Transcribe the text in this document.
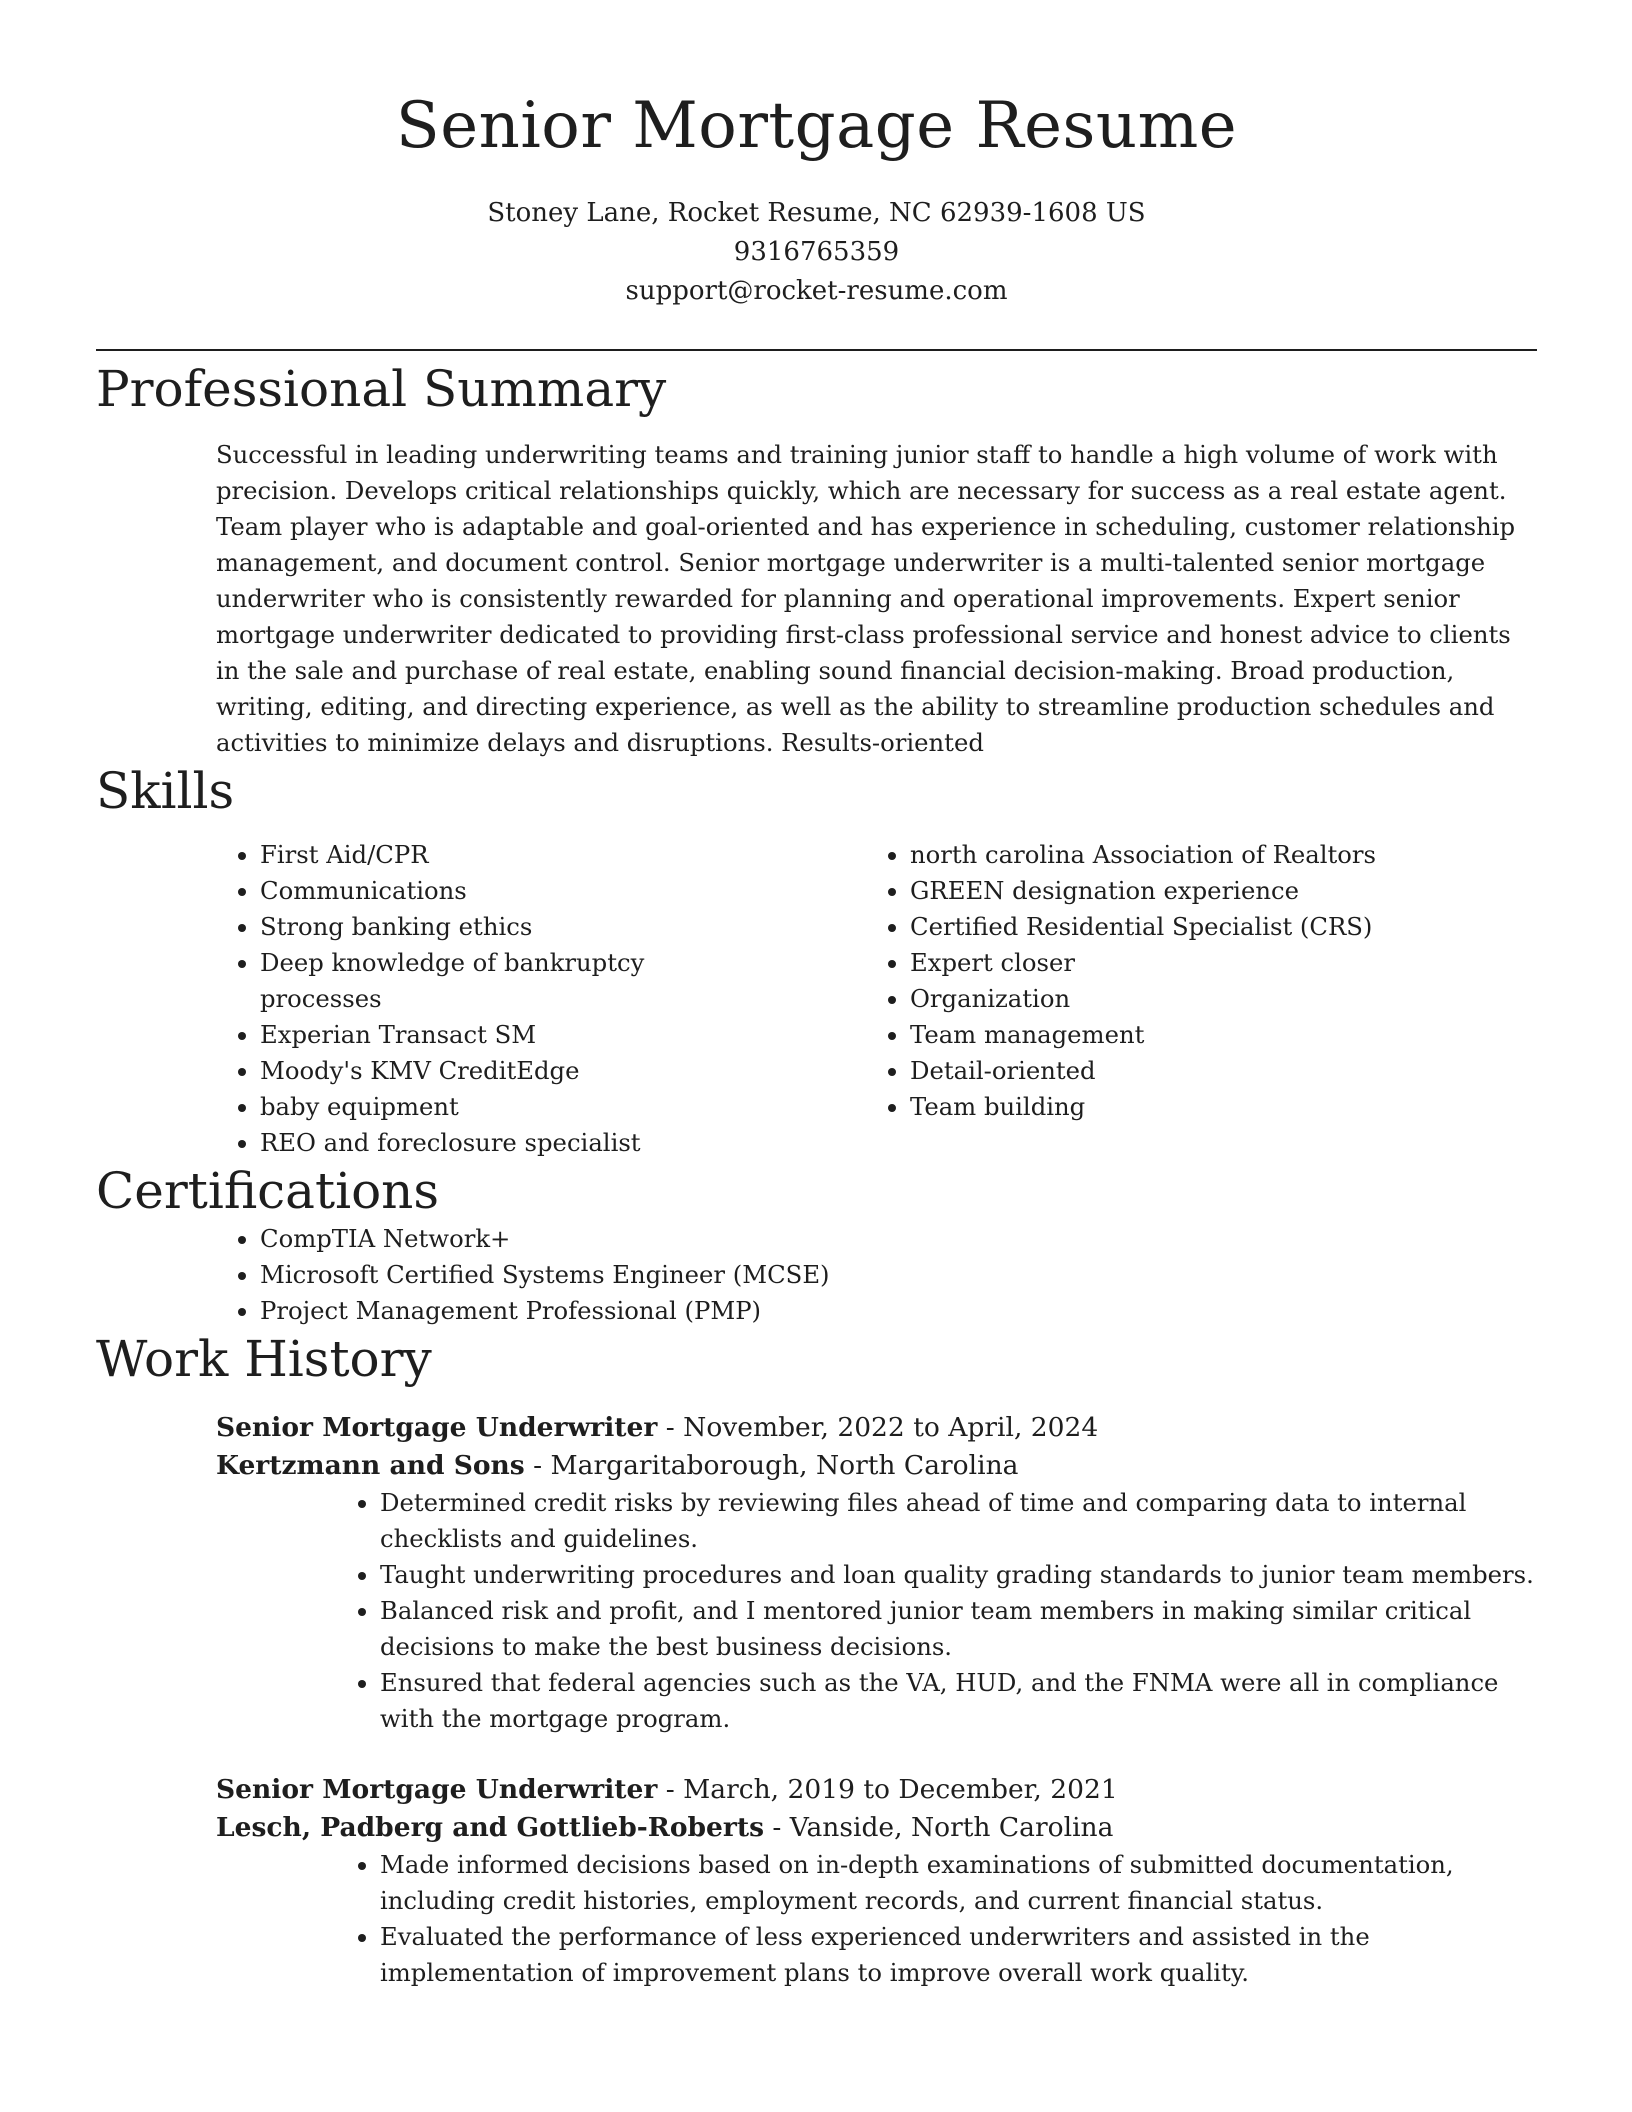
Senior Mortgage Resume
Stoney Lane, Rocket Resume, NC 62939-1608 US
9316765359
support@rocket-resume.com
Professional Summary

Successful in leading underwriting teams and training junior staff to handle a high volume of work with precision. Develops critical relationships quickly, which are necessary for success as a real estate agent. Team player who is adaptable and goal-oriented and has experience in scheduling, customer relationship management, and document control. Senior mortgage underwriter is a multi-talented senior mortgage underwriter who is consistently rewarded for planning and operational improvements. Expert senior mortgage underwriter dedicated to providing first-class professional service and honest advice to clients in the sale and purchase of real estate, enabling sound financial decision-making. Broad production, writing, editing, and directing experience, as well as the ability to streamline production schedules and activities to minimize delays and disruptions. Results-oriented

Skills
• First Aid/CPR
• Communications
• Strong banking ethics
• Deep knowledge of bankruptcy processes
• Experian Transact SM
• Moody's KMV CreditEdge
• baby equipment
• REO and foreclosure specialist
• north carolina Association of Realtors
• GREEN designation experience
• Certified Residential Specialist (CRS)
• Expert closer
• Organization
• Team management
• Detail-oriented
• Team building
Certifications
• CompTIA Network+
• Microsoft Certified Systems Engineer (MCSE)
• Project Management Professional (PMP)
Work History
Senior Mortgage Underwriter - November, 2022 to April, 2024
Kertzmann and Sons - Margaritaborough, North Carolina
• Determined credit risks by reviewing files ahead of time and comparing data to internal checklists and guidelines.
• Taught underwriting procedures and loan quality grading standards to junior team members.
• Balanced risk and profit, and I mentored junior team members in making similar critical decisions to make the best business decisions.
• Ensured that federal agencies such as the VA, HUD, and the FNMA were all in compliance with the mortgage program.
Senior Mortgage Underwriter - March, 2019 to December, 2021
Lesch, Padberg and Gottlieb-Roberts - Vanside, North Carolina
• Made informed decisions based on in-depth examinations of submitted documentation, including credit histories, employment records, and current financial status.
• Evaluated the performance of less experienced underwriters and assisted in the implementation of improvement plans to improve overall work quality.
